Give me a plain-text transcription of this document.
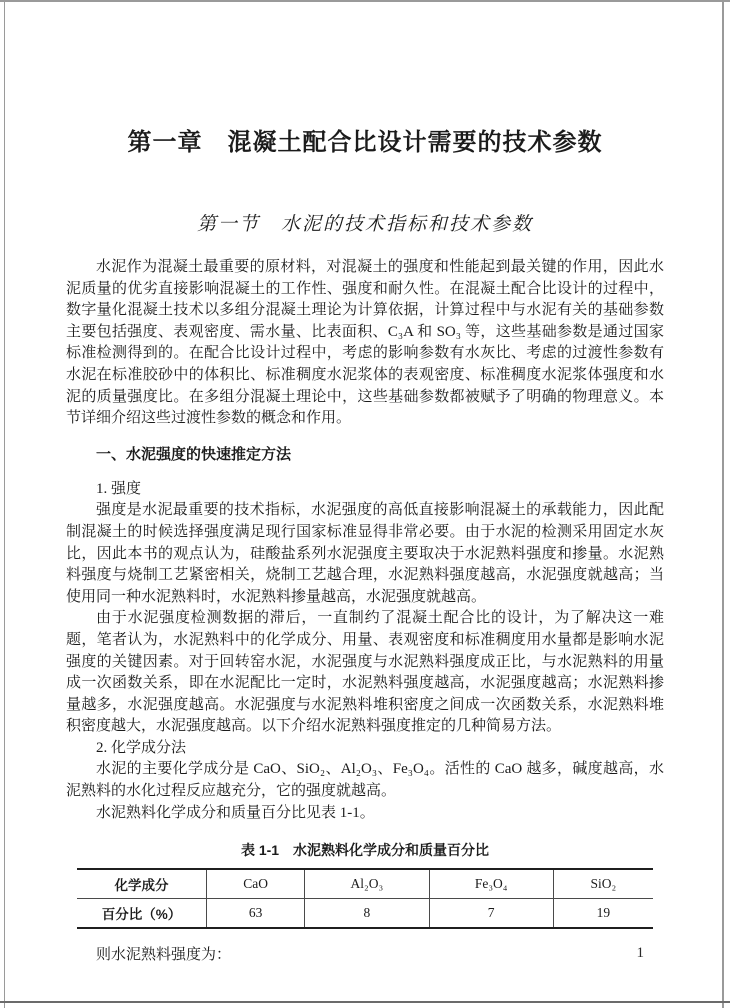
第一章　混凝土配合比设计需要的技术参数
第一节　水泥的技术指标和技术参数

水泥作为混凝土最重要的原材料，对混凝土的强度和性能起到最关键的作用，因此水泥质量的优劣直接影响混凝土的工作性、强度和耐久性。在混凝土配合比设计的过程中，数字量化混凝土技术以多组分混凝土理论为计算依据，计算过程中与水泥有关的基础参数主要包括强度、表观密度、需水量、比表面积、C₃A 和 SO₃ 等，这些基础参数是通过国家标准检测得到的。在配合比设计过程中，考虑的影响参数有水灰比、考虑的过渡性参数有水泥在标准胶砂中的体积比、标准稠度水泥浆体的表观密度、标准稠度水泥浆体强度和水泥的质量强度比。在多组分混凝土理论中，这些基础参数都被赋予了明确的物理意义。本节详细介绍这些过渡性参数的概念和作用。

一、水泥强度的快速推定方法

1. 强度

强度是水泥最重要的技术指标，水泥强度的高低直接影响混凝土的承载能力，因此配制混凝土的时候选择强度满足现行国家标准显得非常必要。由于水泥的检测采用固定水灰比，因此本书的观点认为，硅酸盐系列水泥强度主要取决于水泥熟料强度和掺量。水泥熟料强度与烧制工艺紧密相关，烧制工艺越合理，水泥熟料强度越高，水泥强度就越高；当使用同一种水泥熟料时，水泥熟料掺量越高，水泥强度就越高。

由于水泥强度检测数据的滞后，一直制约了混凝土配合比的设计，为了解决这一难题，笔者认为，水泥熟料中的化学成分、用量、表观密度和标准稠度用水量都是影响水泥强度的关键因素。对于回转窑水泥，水泥强度与水泥熟料强度成正比，与水泥熟料的用量成一次函数关系，即在水泥配比一定时，水泥熟料强度越高，水泥强度越高；水泥熟料掺量越多，水泥强度越高。水泥强度与水泥熟料堆积密度之间成一次函数关系，水泥熟料堆积密度越大，水泥强度越高。以下介绍水泥熟料强度推定的几种简易方法。

2. 化学成分法

水泥的主要化学成分是 CaO、SiO₂、Al₂O₃、Fe₃O₄。活性的 CaO 越多，碱度越高，水泥熟料的水化过程反应越充分，它的强度就越高。

水泥熟料化学成分和质量百分比见表 1-1。

表 1-1　水泥熟料化学成分和质量百分比
化学成分	CaO	Al₂O₃	Fe₃O₄	SiO₂
百分比（%）	63	8	7	19

则水泥熟料强度为：	1
